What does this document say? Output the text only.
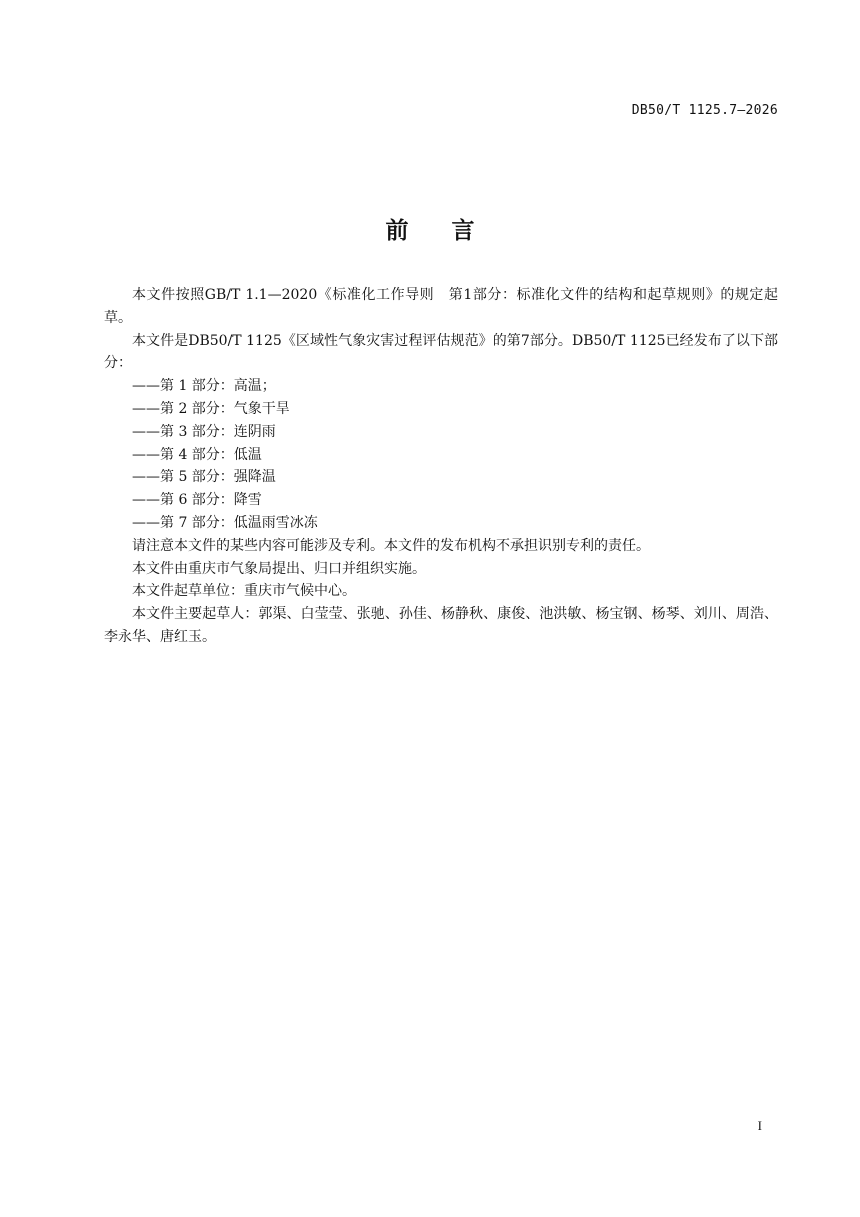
DB50/T 1125.7—2026
前言

本文件按照GB/T 1.1—2020《标准化工作导则　第1部分：标准化文件的结构和起草规则》的规定起草。

本文件是DB50/T 1125《区域性气象灾害过程评估规范》的第7部分。DB50/T 1125已经发布了以下部分：

——第 1 部分：高温；

——第 2 部分：气象干旱

——第 3 部分：连阴雨

——第 4 部分：低温

——第 5 部分：强降温

——第 6 部分：降雪

——第 7 部分：低温雨雪冰冻

请注意本文件的某些内容可能涉及专利。本文件的发布机构不承担识别专利的责任。

本文件由重庆市气象局提出、归口并组织实施。

本文件起草单位：重庆市气候中心。

本文件主要起草人：郭渠、白莹莹、张驰、孙佳、杨静秋、康俊、池洪敏、杨宝钢、杨琴、刘川、周浩、李永华、唐红玉。

I
